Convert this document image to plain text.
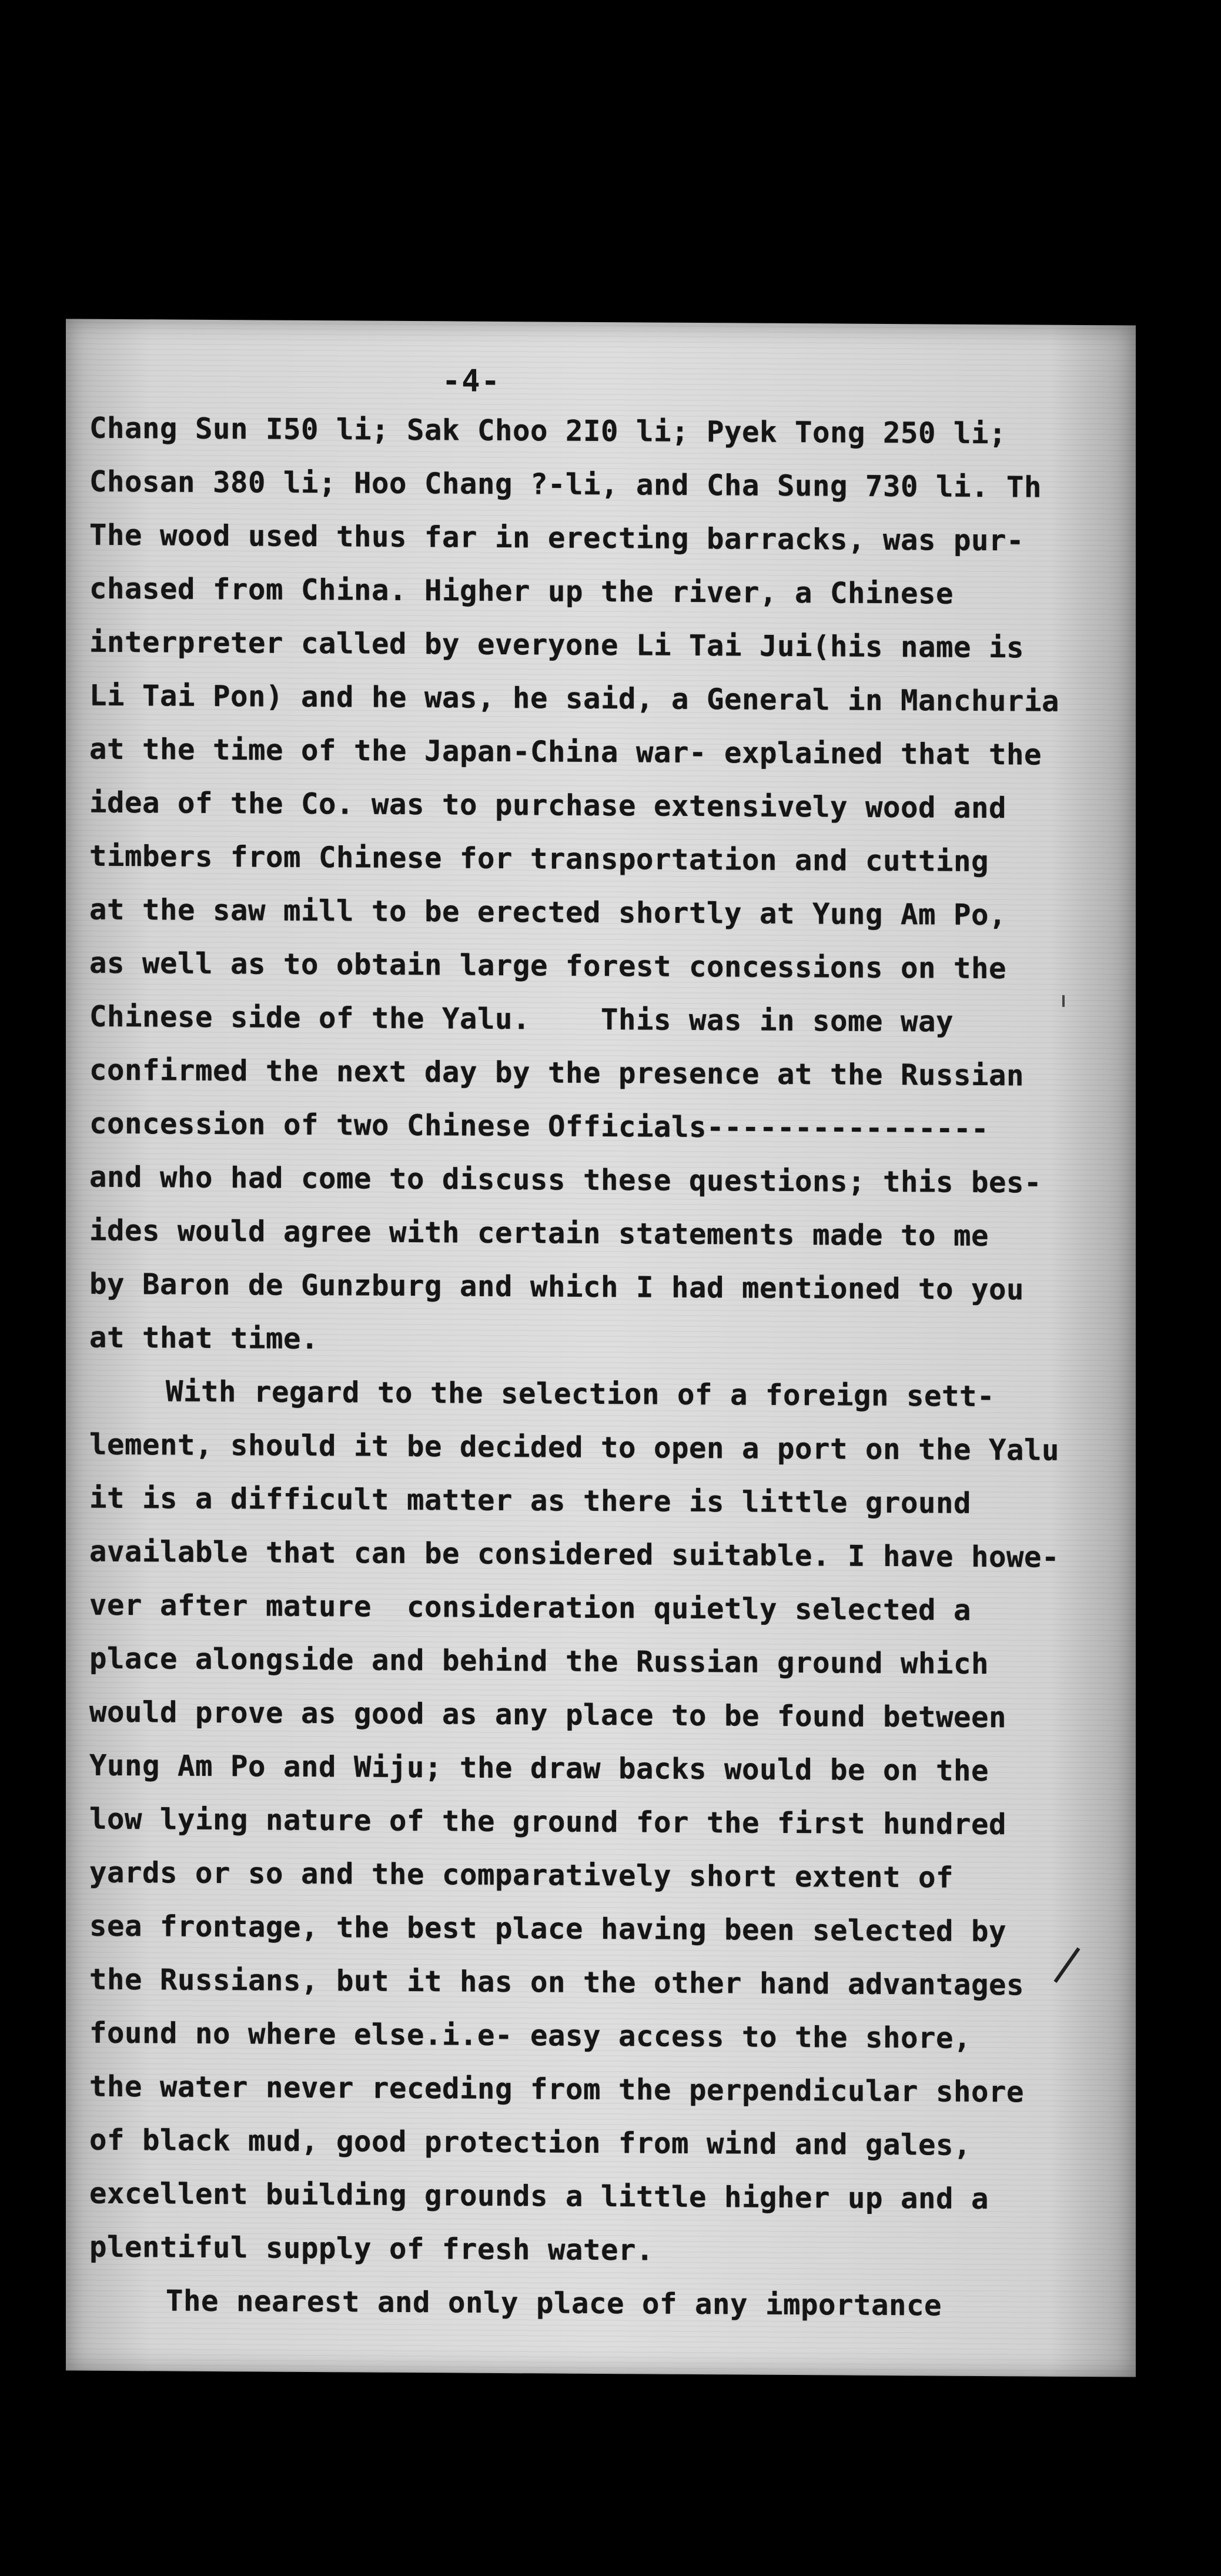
-4-
Chang Sun I50 li; Sak Choo 2I0 li; Pyek Tong 250 li;
Chosan 380 li; Hoo Chang ?-li, and Cha Sung 730 li. Th
The wood used thus far in erecting barracks, was pur-
chased from China. Higher up the river, a Chinese
interpreter called by everyone Li Tai Jui(his name is
Li Tai Pon) and he was, he said, a General in Manchuria
at the time of the Japan-China war- explained that the
idea of the Co. was to purchase extensively wood and
timbers from Chinese for transportation and cutting
at the saw mill to be erected shortly at Yung Am Po,
as well as to obtain large forest concessions on the
Chinese side of the Yalu.    This was in some way
confirmed the next day by the presence at the Russian
concession of two Chinese Officials----------------
and who had come to discuss these questions; this bes-
ides would agree with certain statements made to me
by Baron de Gunzburg and which I had mentioned to you
at that time.
With regard to the selection of a foreign sett-
lement, should it be decided to open a port on the Yalu
it is a difficult matter as there is little ground
available that can be considered suitable. I have howe-
ver after mature  consideration quietly selected a
place alongside and behind the Russian ground which
would prove as good as any place to be found between
Yung Am Po and Wiju; the draw backs would be on the
low lying nature of the ground for the first hundred
yards or so and the comparatively short extent of
sea frontage, the best place having been selected by
the Russians, but it has on the other hand advantages
found no where else.i.e- easy access to the shore,
the water never receding from the perpendicular shore
of black mud, good protection from wind and gales,
excellent building grounds a little higher up and a
plentiful supply of fresh water.
The nearest and only place of any importance
